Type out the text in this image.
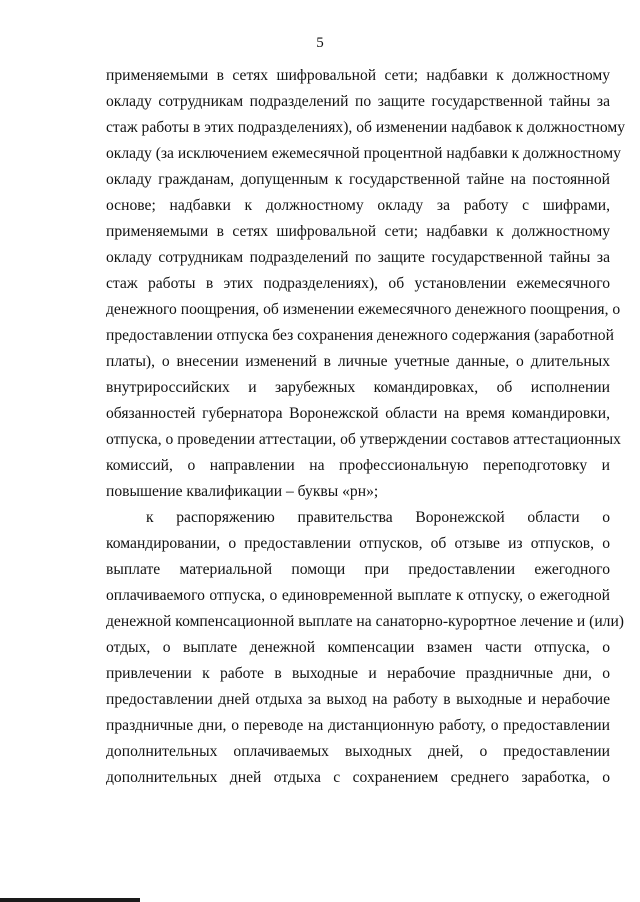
5
применяемыми в сетях шифровальной сети; надбавки к должностному
окладу сотрудникам подразделений по защите государственной тайны за
стаж работы в этих подразделениях), об изменении надбавок к должностному
окладу (за исключением ежемесячной процентной надбавки к должностному
окладу гражданам, допущенным к государственной тайне на постоянной
основе; надбавки к должностному окладу за работу с шифрами,
применяемыми в сетях шифровальной сети; надбавки к должностному
окладу сотрудникам подразделений по защите государственной тайны за
стаж работы в этих подразделениях), об установлении ежемесячного
денежного поощрения, об изменении ежемесячного денежного поощрения, о
предоставлении отпуска без сохранения денежного содержания (заработной
платы), о внесении изменений в личные учетные данные, о длительных
внутрироссийских и зарубежных командировках, об исполнении
обязанностей губернатора Воронежской области на время командировки,
отпуска, о проведении аттестации, об утверждении составов аттестационных
комиссий, о направлении на профессиональную переподготовку и
повышение квалификации – буквы «рн»;
к распоряжению правительства Воронежской области о
командировании, о предоставлении отпусков, об отзыве из отпусков, о
выплате материальной помощи при предоставлении ежегодного
оплачиваемого отпуска, о единовременной выплате к отпуску, о ежегодной
денежной компенсационной выплате на санаторно-курортное лечение и (или)
отдых, о выплате денежной компенсации взамен части отпуска, о
привлечении к работе в выходные и нерабочие праздничные дни, о
предоставлении дней отдыха за выход на работу в выходные и нерабочие
праздничные дни, о переводе на дистанционную работу, о предоставлении
дополнительных оплачиваемых выходных дней, о предоставлении
дополнительных дней отдыха с сохранением среднего заработка, о
